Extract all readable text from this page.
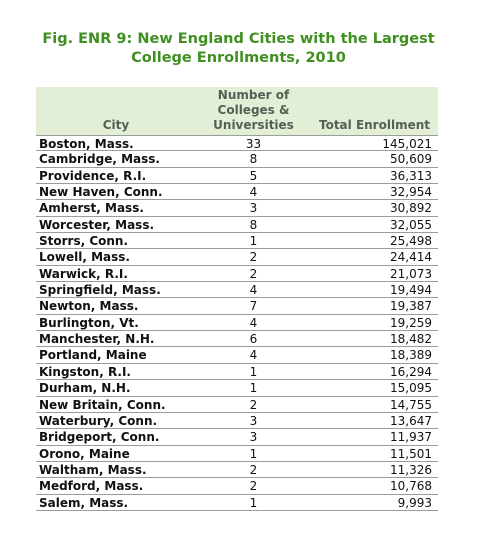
Fig. ENR 9: New England Cities with the Largest
College Enrollments, 2010
City
Number of
Colleges &
Universities	Total Enrollment
Boston, Mass.	33	145,021
Cambridge, Mass.	8	50,609
Providence, R.I.	5	36,313
New Haven, Conn.	4	32,954
Amherst, Mass.	3	30,892
Worcester, Mass.	8	32,055
Storrs, Conn.	1	25,498
Lowell, Mass.	2	24,414
Warwick, R.I.	2	21,073
Springfield, Mass.	4	19,494
Newton, Mass.	7	19,387
Burlington, Vt.	4	19,259
Manchester, N.H.	6	18,482
Portland, Maine	4	18,389
Kingston, R.I.	1	16,294
Durham, N.H.	1	15,095
New Britain, Conn.	2	14,755
Waterbury, Conn.	3	13,647
Bridgeport, Conn.	3	11,937
Orono, Maine	1	11,501
Waltham, Mass.	2	11,326
Medford, Mass.	2	10,768
Salem, Mass.	1	9,993
